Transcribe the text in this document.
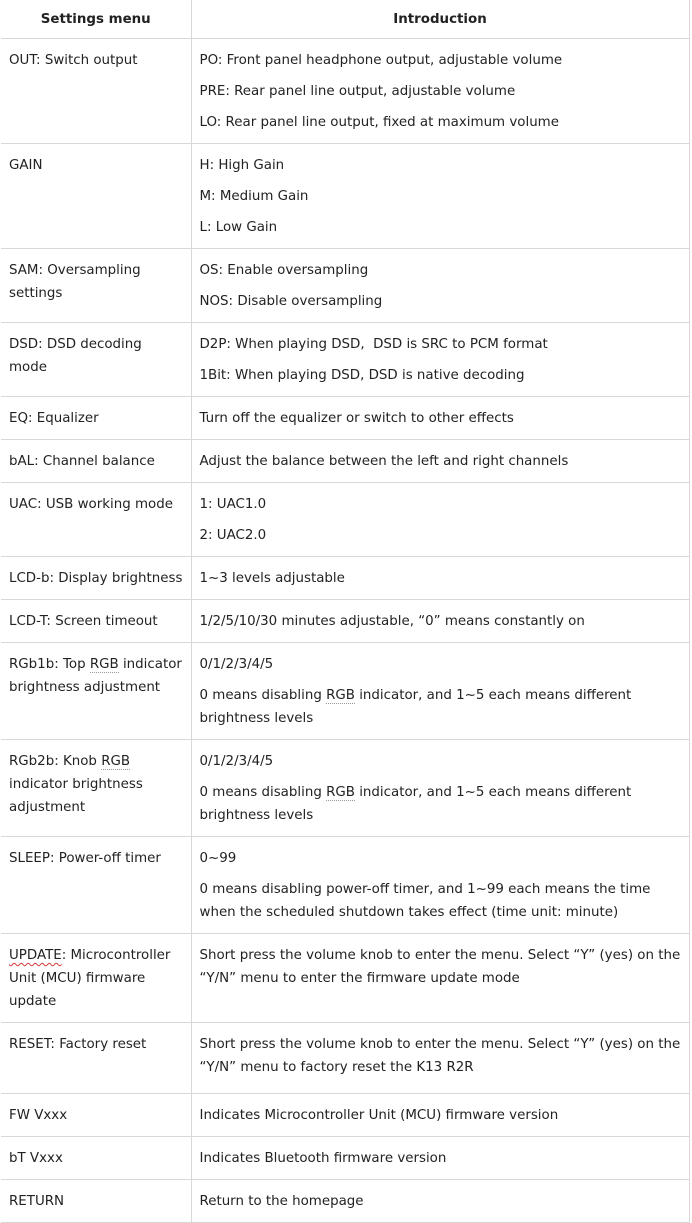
Settings menu	Introduction
OUT: Switch output	PO: Front panel headphone output, adjustable volume
PRE: Rear panel line output, adjustable volume
LO: Rear panel line output, fixed at maximum volume

GAIN	H: High Gain
M: Medium Gain
L: Low Gain

SAM: Oversampling settings	OS: Enable oversampling
NOS: Disable oversampling

DSD: DSD decoding mode	D2P: When playing DSD,  DSD is SRC to PCM format
1Bit: When playing DSD, DSD is native decoding

EQ: Equalizer	Turn off the equalizer or switch to other effects

bAL: Channel balance	Adjust the balance between the left and right channels

UAC: USB working mode	1: UAC1.0
2: UAC2.0

LCD-b: Display brightness	1~3 levels adjustable

LCD-T: Screen timeout	1/2/5/10/30 minutes adjustable, “0” means constantly on

RGb1b: Top RGB indicator brightness adjustment	0/1/2/3/4/5
0 means disabling RGB indicator, and 1~5 each means different brightness levels

RGb2b: Knob RGB indicator brightness adjustment	0/1/2/3/4/5
0 means disabling RGB indicator, and 1~5 each means different brightness levels

SLEEP: Power-off timer	0~99
0 means disabling power-off timer, and 1~99 each means the time when the scheduled shutdown takes effect (time unit: minute)

UPDATE: Microcontroller Unit (MCU) firmware update	Short press the volume knob to enter the menu. Select “Y” (yes) on the “Y/N” menu to enter the firmware update mode

RESET: Factory reset	Short press the volume knob to enter the menu. Select “Y” (yes) on the “Y/N” menu to factory reset the K13 R2R

FW Vxxx	Indicates Microcontroller Unit (MCU) firmware version

bT Vxxx	Indicates Bluetooth firmware version

RETURN	Return to the homepage
